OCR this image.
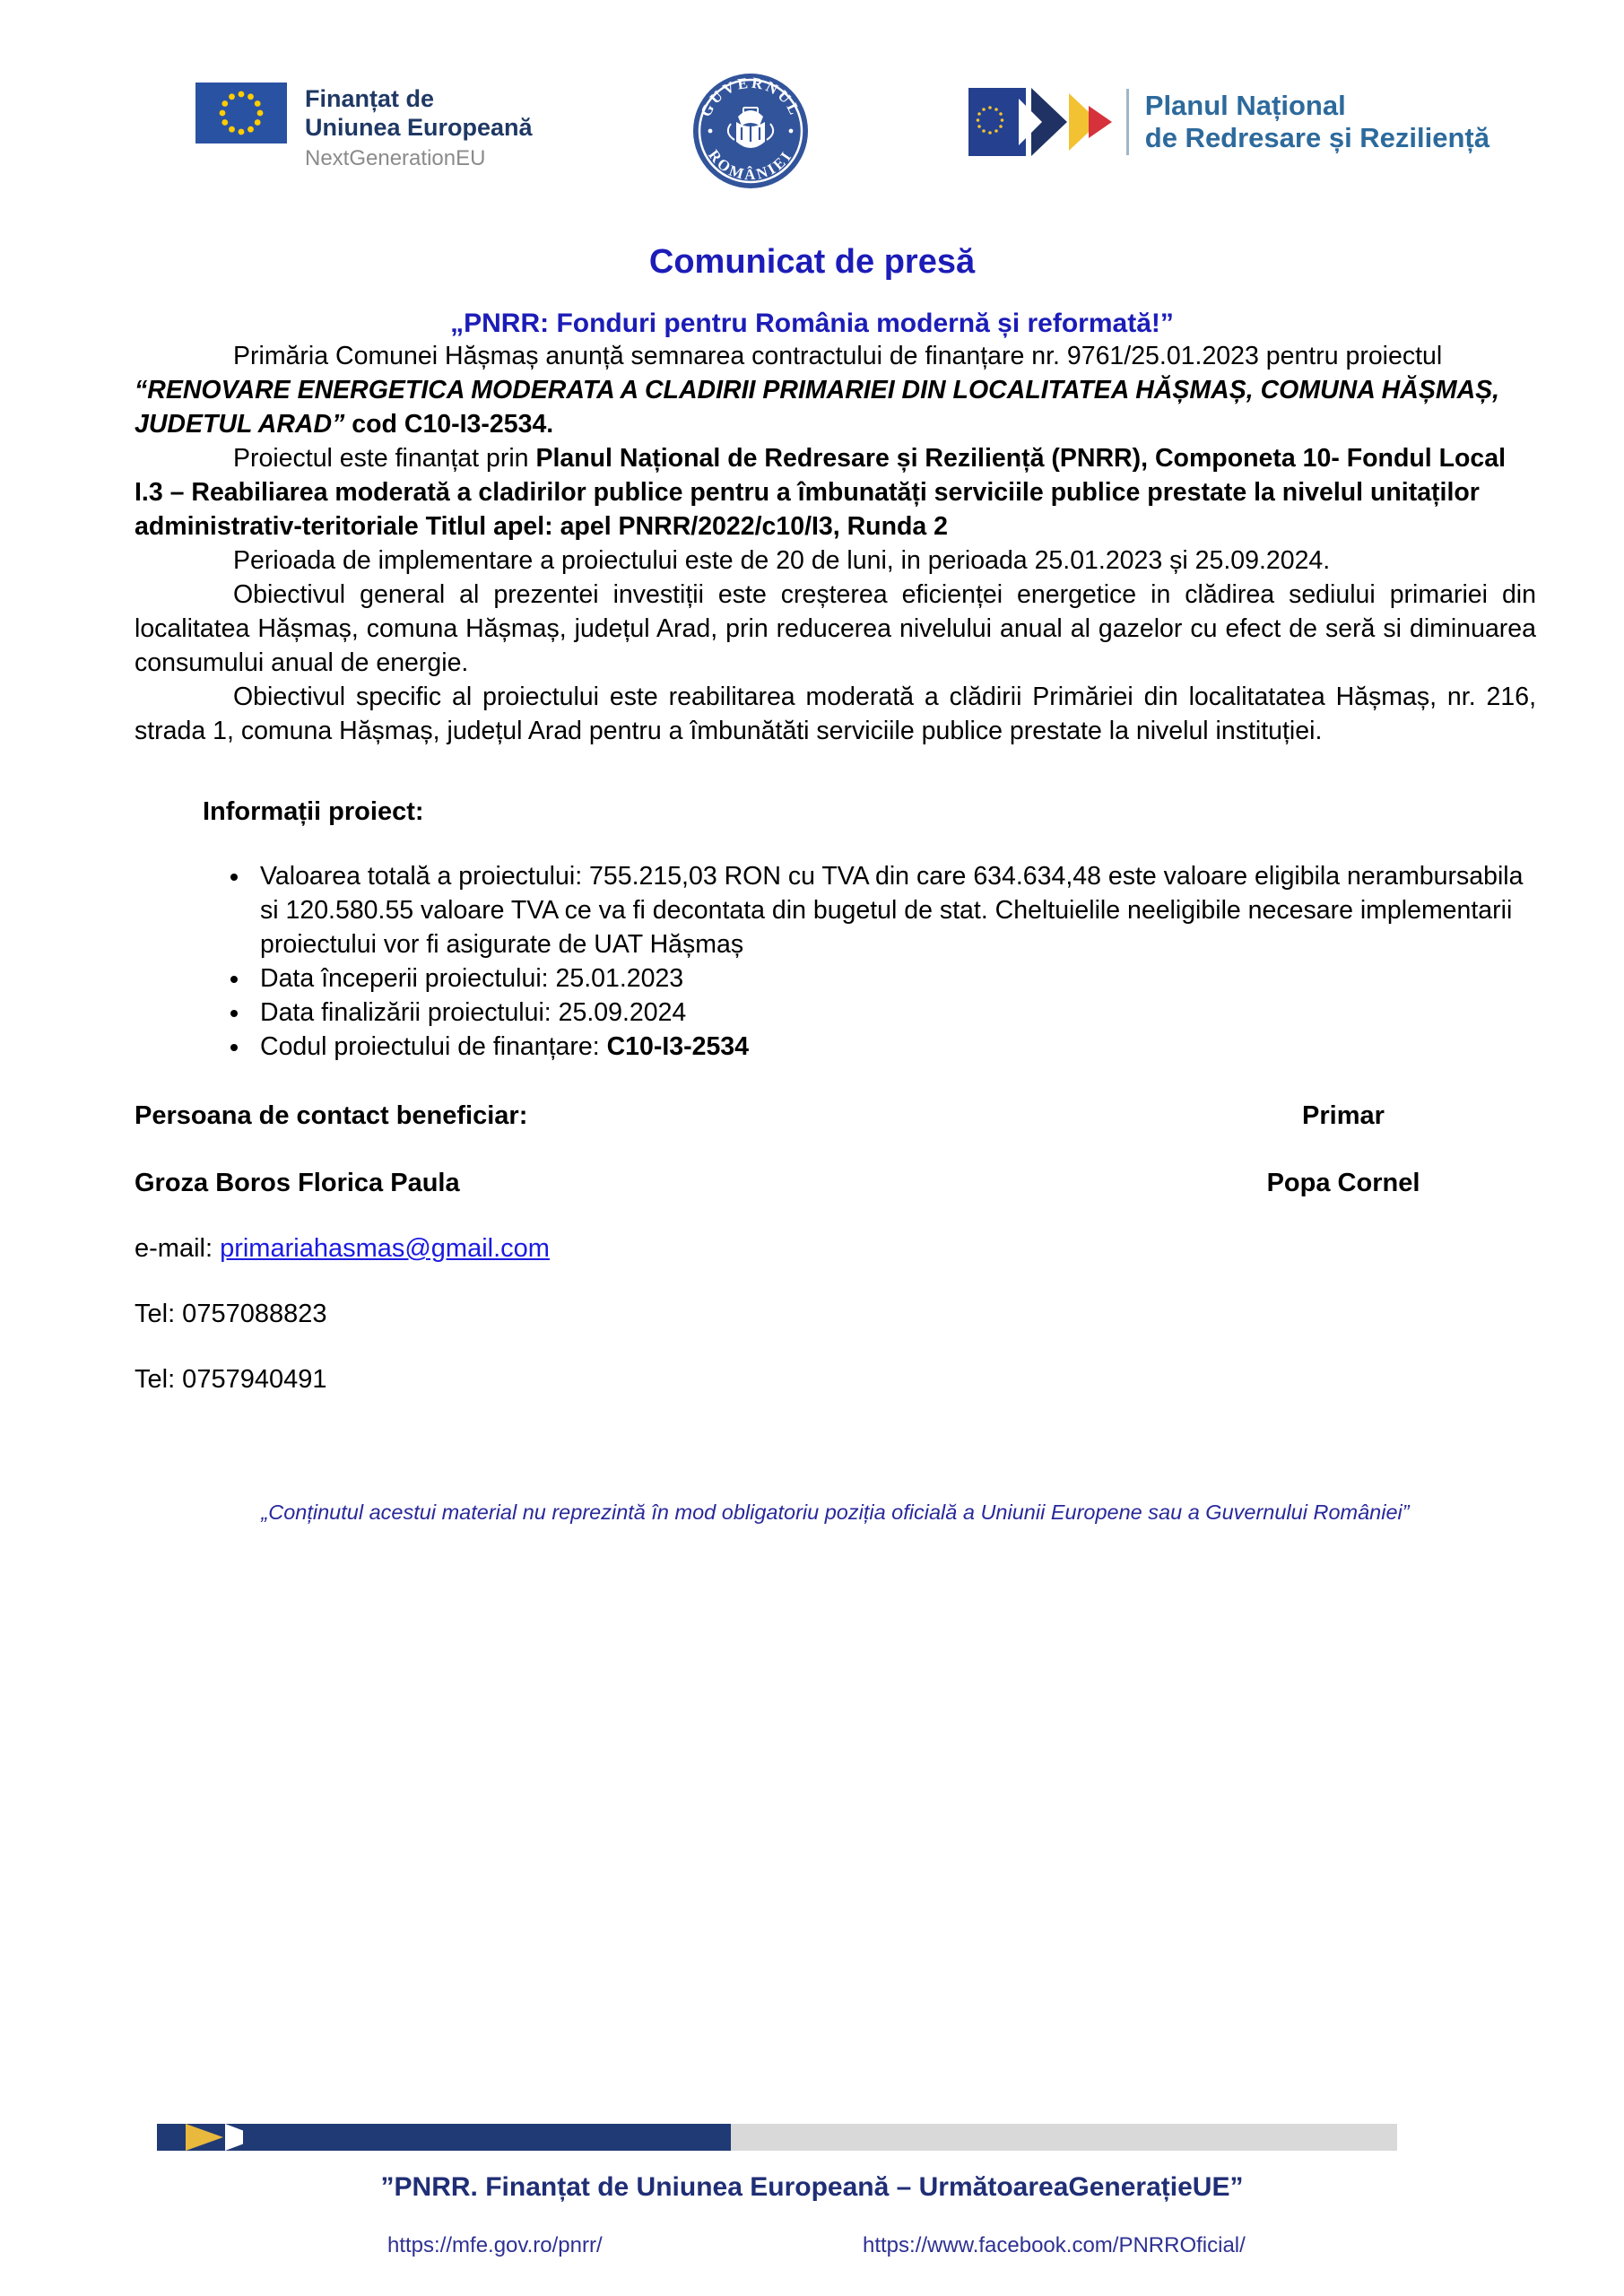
Finanțat de
Uniunea Europeană
NextGenerationEU
GUVERNUL
ROMÂNIEI
Planul Național
de Redresare și Reziliență
Comunicat de presă
„PNRR: Fonduri pentru România modernă și reformată!”

Primăria Comunei Hășmaș anunță semnarea contractului de finanțare nr. 9761/25.01.2023 pentru proiectul “RENOVARE ENERGETICA MODERATA A CLADIRII PRIMARIEI DIN LOCALITATEA HĂȘMAȘ, COMUNA HĂȘMAȘ, JUDETUL ARAD” cod C10-I3-2534.

Proiectul este finanțat prin Planul Național de Redresare și Reziliență (PNRR), Componeta 10- Fondul Local I.3 – Reabiliarea moderată a cladirilor publice pentru a îmbunatăți serviciile publice prestate la nivelul unitaților administrativ-teritoriale Titlul apel: apel PNRR/2022/c10/I3, Runda 2

Perioada de implementare a proiectului este de 20 de luni, in perioada 25.01.2023 și 25.09.2024.

Obiectivul general al prezentei investiții este creșterea eficienței energetice in clădirea sediului primariei din localitatea Hășmaș, comuna Hășmaș, județul Arad, prin reducerea nivelului anual al gazelor cu efect de seră si diminuarea consumului anual de energie.

Obiectivul specific al proiectului este reabilitarea moderată a clădirii Primăriei din localitatatea Hășmaș, nr. 216, strada 1, comuna Hășmaș, județul Arad pentru a îmbunătăti serviciile publice prestate la nivelul instituției.

Informații proiect:
• Valoarea totală a proiectului: 755.215,03 RON cu TVA din care 634.634,48 este valoare eligibila nerambursabila si 120.580.55 valoare TVA ce va fi decontata din bugetul de stat. Cheltuielile neeligibile necesare implementarii proiectului vor fi asigurate de UAT Hășmaș
• Data începerii proiectului: 25.01.2023
• Data finalizării proiectului: 25.09.2024
• Codul proiectului de finanțare: C10-I3-2534
Persoana de contact beneficiar:	Primar
Groza Boros Florica Paula	Popa Cornel
e-mail: primariahasmas@gmail.com
Tel: 0757088823
Tel: 0757940491
„Conținutul acestui material nu reprezintă în mod obligatoriu poziția oficială a Uniunii Europene sau a Guvernului României”
”PNRR. Finanțat de Uniunea Europeană – UrmătoareaGenerațieUE”
https://mfe.gov.ro/pnrr/	https://www.facebook.com/PNRROficial/
